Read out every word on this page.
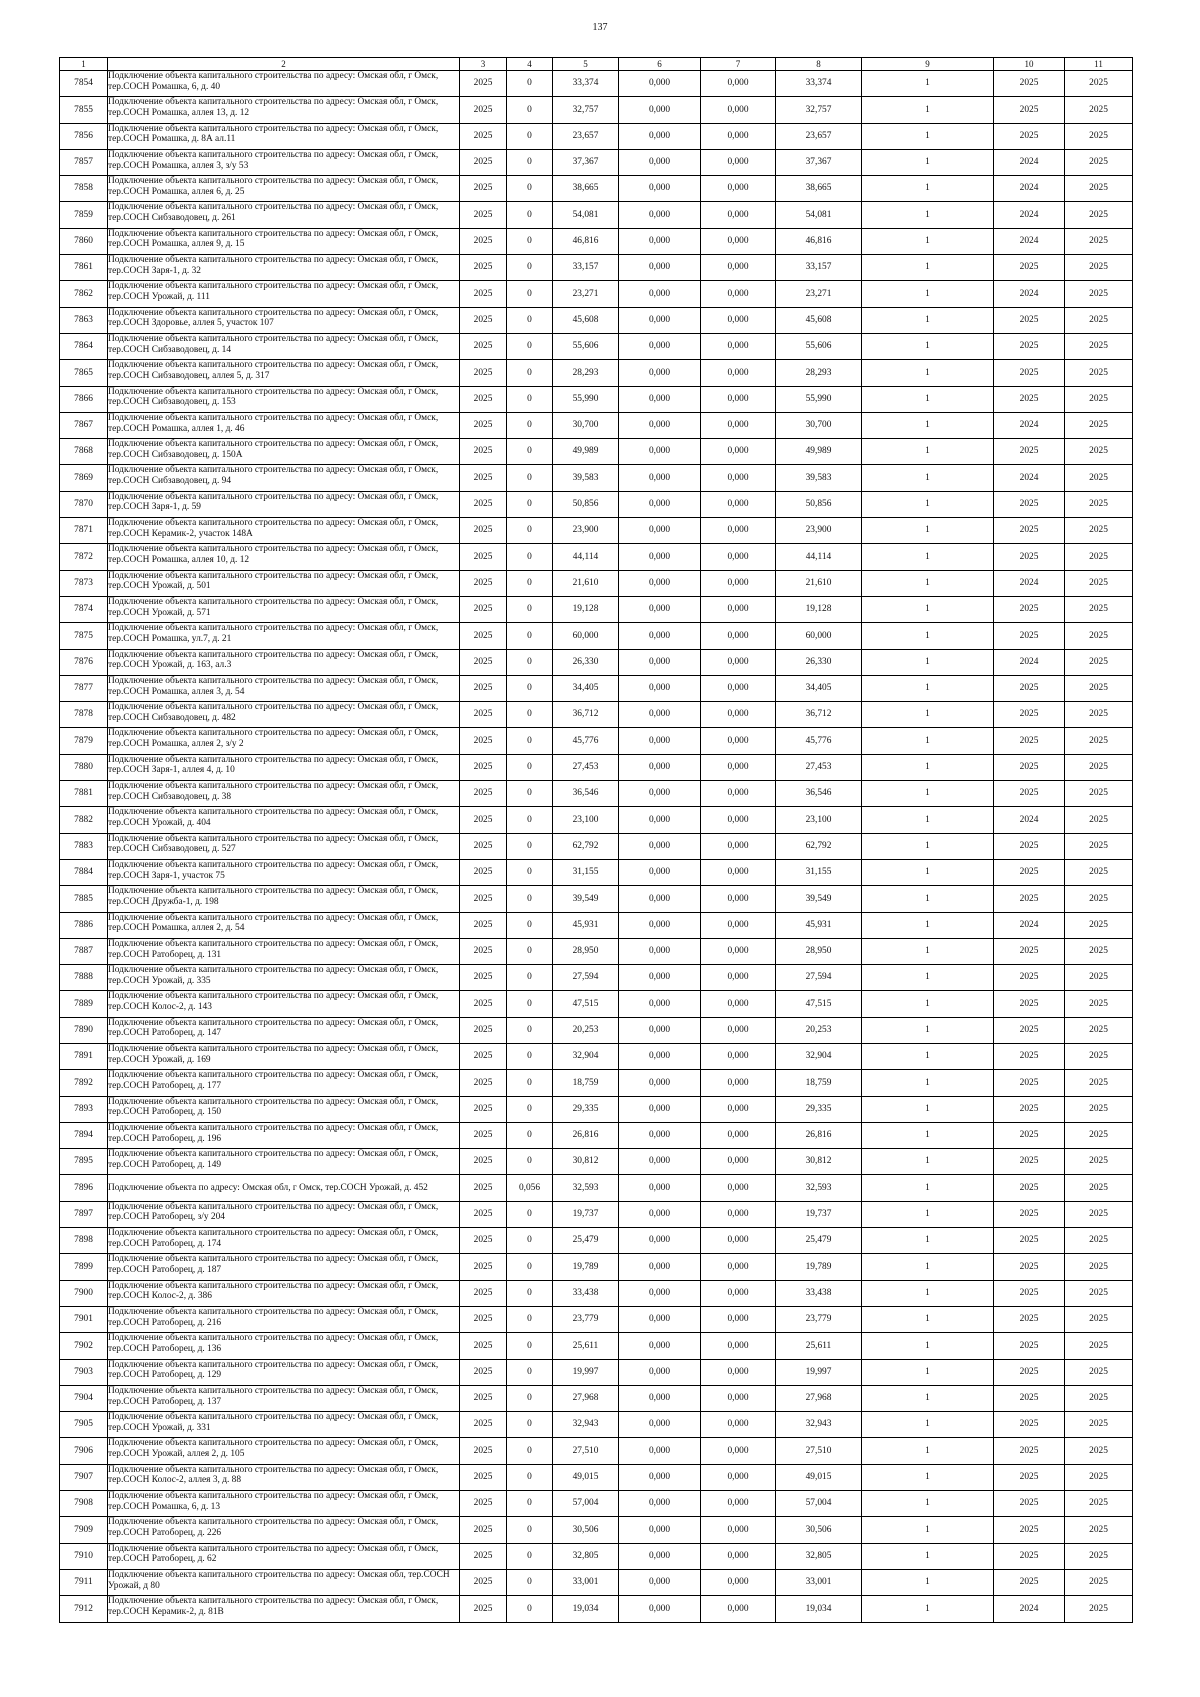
137
1	2	3	4	5	6	7	8	9	10	11
7854	Подключение объекта капитального строительства по адресу: Омская обл, г Омск, тер.СОСН Ромашка, 6, д. 40	2025	0	33,374	0,000	0,000	33,374	1	2025	2025
7855	Подключение объекта капитального строительства по адресу: Омская обл, г Омск, тер.СОСН Ромашка, аллея 13, д. 12	2025	0	32,757	0,000	0,000	32,757	1	2025	2025
7856	Подключение объекта капитального строительства по адресу: Омская обл, г Омск, тер.СОСН Ромашка, д. 8А ал.11	2025	0	23,657	0,000	0,000	23,657	1	2025	2025
7857	Подключение объекта капитального строительства по адресу: Омская обл, г Омск, тер.СОСН Ромашка, аллея 3, з/у 53	2025	0	37,367	0,000	0,000	37,367	1	2024	2025
7858	Подключение объекта капитального строительства по адресу: Омская обл, г Омск, тер.СОСН Ромашка, аллея 6, д. 25	2025	0	38,665	0,000	0,000	38,665	1	2024	2025
7859	Подключение объекта капитального строительства по адресу: Омская обл, г Омск, тер.СОСН Сибзаводовец, д. 261	2025	0	54,081	0,000	0,000	54,081	1	2024	2025
7860	Подключение объекта капитального строительства по адресу: Омская обл, г Омск, тер.СОСН Ромашка, аллея 9, д. 15	2025	0	46,816	0,000	0,000	46,816	1	2024	2025
7861	Подключение объекта капитального строительства по адресу: Омская обл, г Омск, тер.СОСН Заря-1, д. 32	2025	0	33,157	0,000	0,000	33,157	1	2025	2025
7862	Подключение объекта капитального строительства по адресу: Омская обл, г Омск, тер.СОСН Урожай, д. 111	2025	0	23,271	0,000	0,000	23,271	1	2024	2025
7863	Подключение объекта капитального строительства по адресу: Омская обл, г Омск, тер.СОСН Здоровье, аллея 5, участок 107	2025	0	45,608	0,000	0,000	45,608	1	2025	2025
7864	Подключение объекта капитального строительства по адресу: Омская обл, г Омск, тер.СОСН Сибзаводовец, д. 14	2025	0	55,606	0,000	0,000	55,606	1	2025	2025
7865	Подключение объекта капитального строительства по адресу: Омская обл, г Омск, тер.СОСН Сибзаводовец, аллея 5, д. 317	2025	0	28,293	0,000	0,000	28,293	1	2025	2025
7866	Подключение объекта капитального строительства по адресу: Омская обл, г Омск, тер.СОСН Сибзаводовец, д. 153	2025	0	55,990	0,000	0,000	55,990	1	2025	2025
7867	Подключение объекта капитального строительства по адресу: Омская обл, г Омск, тер.СОСН Ромашка, аллея 1, д. 46	2025	0	30,700	0,000	0,000	30,700	1	2024	2025
7868	Подключение объекта капитального строительства по адресу: Омская обл, г Омск, тер.СОСН Сибзаводовец, д. 150А	2025	0	49,989	0,000	0,000	49,989	1	2025	2025
7869	Подключение объекта капитального строительства по адресу: Омская обл, г Омск, тер.СОСН Сибзаводовец, д. 94	2025	0	39,583	0,000	0,000	39,583	1	2024	2025
7870	Подключение объекта капитального строительства по адресу: Омская обл, г Омск, тер.СОСН Заря-1, д. 59	2025	0	50,856	0,000	0,000	50,856	1	2025	2025
7871	Подключение объекта капитального строительства по адресу: Омская обл, г Омск, тер.СОСН Керамик-2, участок 148А	2025	0	23,900	0,000	0,000	23,900	1	2025	2025
7872	Подключение объекта капитального строительства по адресу: Омская обл, г Омск, тер.СОСН Ромашка, аллея 10, д. 12	2025	0	44,114	0,000	0,000	44,114	1	2025	2025
7873	Подключение объекта капитального строительства по адресу: Омская обл, г Омск, тер.СОСН Урожай, д. 501	2025	0	21,610	0,000	0,000	21,610	1	2024	2025
7874	Подключение объекта капитального строительства по адресу: Омская обл, г Омск, тер.СОСН Урожай, д. 571	2025	0	19,128	0,000	0,000	19,128	1	2025	2025
7875	Подключение объекта капитального строительства по адресу: Омская обл, г Омск, тер.СОСН Ромашка, ул.7, д. 21	2025	0	60,000	0,000	0,000	60,000	1	2025	2025
7876	Подключение объекта капитального строительства по адресу: Омская обл, г Омск, тер.СОСН Урожай, д. 163, ал.3	2025	0	26,330	0,000	0,000	26,330	1	2024	2025
7877	Подключение объекта капитального строительства по адресу: Омская обл, г Омск, тер.СОСН Ромашка, аллея 3, д. 54	2025	0	34,405	0,000	0,000	34,405	1	2025	2025
7878	Подключение объекта капитального строительства по адресу: Омская обл, г Омск, тер.СОСН Сибзаводовец, д. 482	2025	0	36,712	0,000	0,000	36,712	1	2025	2025
7879	Подключение объекта капитального строительства по адресу: Омская обл, г Омск, тер.СОСН Ромашка, аллея 2, з/у 2	2025	0	45,776	0,000	0,000	45,776	1	2025	2025
7880	Подключение объекта капитального строительства по адресу: Омская обл, г Омск, тер.СОСН Заря-1, аллея 4, д. 10	2025	0	27,453	0,000	0,000	27,453	1	2025	2025
7881	Подключение объекта капитального строительства по адресу: Омская обл, г Омск, тер.СОСН Сибзаводовец, д. 38	2025	0	36,546	0,000	0,000	36,546	1	2025	2025
7882	Подключение объекта капитального строительства по адресу: Омская обл, г Омск, тер.СОСН Урожай, д. 404	2025	0	23,100	0,000	0,000	23,100	1	2024	2025
7883	Подключение объекта капитального строительства по адресу: Омская обл, г Омск, тер.СОСН Сибзаводовец, д. 527	2025	0	62,792	0,000	0,000	62,792	1	2025	2025
7884	Подключение объекта капитального строительства по адресу: Омская обл, г Омск, тер.СОСН Заря-1, участок 75	2025	0	31,155	0,000	0,000	31,155	1	2025	2025
7885	Подключение объекта капитального строительства по адресу: Омская обл, г Омск, тер.СОСН Дружба-1, д. 198	2025	0	39,549	0,000	0,000	39,549	1	2025	2025
7886	Подключение объекта капитального строительства по адресу: Омская обл, г Омск, тер.СОСН Ромашка, аллея 2, д. 54	2025	0	45,931	0,000	0,000	45,931	1	2024	2025
7887	Подключение объекта капитального строительства по адресу: Омская обл, г Омск, тер.СОСН Ратоборец, д. 131	2025	0	28,950	0,000	0,000	28,950	1	2025	2025
7888	Подключение объекта капитального строительства по адресу: Омская обл, г Омск, тер.СОСН Урожай, д. 335	2025	0	27,594	0,000	0,000	27,594	1	2025	2025
7889	Подключение объекта капитального строительства по адресу: Омская обл, г Омск, тер.СОСН Колос-2, д. 143	2025	0	47,515	0,000	0,000	47,515	1	2025	2025
7890	Подключение объекта капитального строительства по адресу: Омская обл, г Омск, тер.СОСН Ратоборец, д. 147	2025	0	20,253	0,000	0,000	20,253	1	2025	2025
7891	Подключение объекта капитального строительства по адресу: Омская обл, г Омск, тер.СОСН Урожай, д. 169	2025	0	32,904	0,000	0,000	32,904	1	2025	2025
7892	Подключение объекта капитального строительства по адресу: Омская обл, г Омск, тер.СОСН Ратоборец, д. 177	2025	0	18,759	0,000	0,000	18,759	1	2025	2025
7893	Подключение объекта капитального строительства по адресу: Омская обл, г Омск, тер.СОСН Ратоборец, д. 150	2025	0	29,335	0,000	0,000	29,335	1	2025	2025
7894	Подключение объекта капитального строительства по адресу: Омская обл, г Омск, тер.СОСН Ратоборец, д. 196	2025	0	26,816	0,000	0,000	26,816	1	2025	2025
7895	Подключение объекта капитального строительства по адресу: Омская обл, г Омск, тер.СОСН Ратоборец, д. 149	2025	0	30,812	0,000	0,000	30,812	1	2025	2025
7896	Подключение объекта по адресу: Омская обл, г Омск, тер.СОСН Урожай, д. 452	2025	0,056	32,593	0,000	0,000	32,593	1	2025	2025
7897	Подключение объекта капитального строительства по адресу: Омская обл, г Омск, тер.СОСН Ратоборец, з/у 204	2025	0	19,737	0,000	0,000	19,737	1	2025	2025
7898	Подключение объекта капитального строительства по адресу: Омская обл, г Омск, тер.СОСН Ратоборец, д. 174	2025	0	25,479	0,000	0,000	25,479	1	2025	2025
7899	Подключение объекта капитального строительства по адресу: Омская обл, г Омск, тер.СОСН Ратоборец, д. 187	2025	0	19,789	0,000	0,000	19,789	1	2025	2025
7900	Подключение объекта капитального строительства по адресу: Омская обл, г Омск, тер.СОСН Колос-2, д. 386	2025	0	33,438	0,000	0,000	33,438	1	2025	2025
7901	Подключение объекта капитального строительства по адресу: Омская обл, г Омск, тер.СОСН Ратоборец, д. 216	2025	0	23,779	0,000	0,000	23,779	1	2025	2025
7902	Подключение объекта капитального строительства по адресу: Омская обл, г Омск, тер.СОСН Ратоборец, д. 136	2025	0	25,611	0,000	0,000	25,611	1	2025	2025
7903	Подключение объекта капитального строительства по адресу: Омская обл, г Омск, тер.СОСН Ратоборец, д. 129	2025	0	19,997	0,000	0,000	19,997	1	2025	2025
7904	Подключение объекта капитального строительства по адресу: Омская обл, г Омск, тер.СОСН Ратоборец, д. 137	2025	0	27,968	0,000	0,000	27,968	1	2025	2025
7905	Подключение объекта капитального строительства по адресу: Омская обл, г Омск, тер.СОСН Урожай, д. 331	2025	0	32,943	0,000	0,000	32,943	1	2025	2025
7906	Подключение объекта капитального строительства по адресу: Омская обл, г Омск, тер.СОСН Урожай, аллея 2, д. 105	2025	0	27,510	0,000	0,000	27,510	1	2025	2025
7907	Подключение объекта капитального строительства по адресу: Омская обл, г Омск, тер.СОСН Колос-2, аллея 3, д. 88	2025	0	49,015	0,000	0,000	49,015	1	2025	2025
7908	Подключение объекта капитального строительства по адресу: Омская обл, г Омск, тер.СОСН Ромашка, 6, д. 13	2025	0	57,004	0,000	0,000	57,004	1	2025	2025
7909	Подключение объекта капитального строительства по адресу: Омская обл, г Омск, тер.СОСН Ратоборец, д. 226	2025	0	30,506	0,000	0,000	30,506	1	2025	2025
7910	Подключение объекта капитального строительства по адресу: Омская обл, г Омск, тер.СОСН Ратоборец, д. 62	2025	0	32,805	0,000	0,000	32,805	1	2025	2025
7911	Подключение объекта капитального строительства по адресу: Омская обл, тер.СОСН Урожай, д 80	2025	0	33,001	0,000	0,000	33,001	1	2025	2025
7912	Подключение объекта капитального строительства по адресу: Омская обл, г Омск, тер.СОСН Керамик-2, д. 81В	2025	0	19,034	0,000	0,000	19,034	1	2024	2025
